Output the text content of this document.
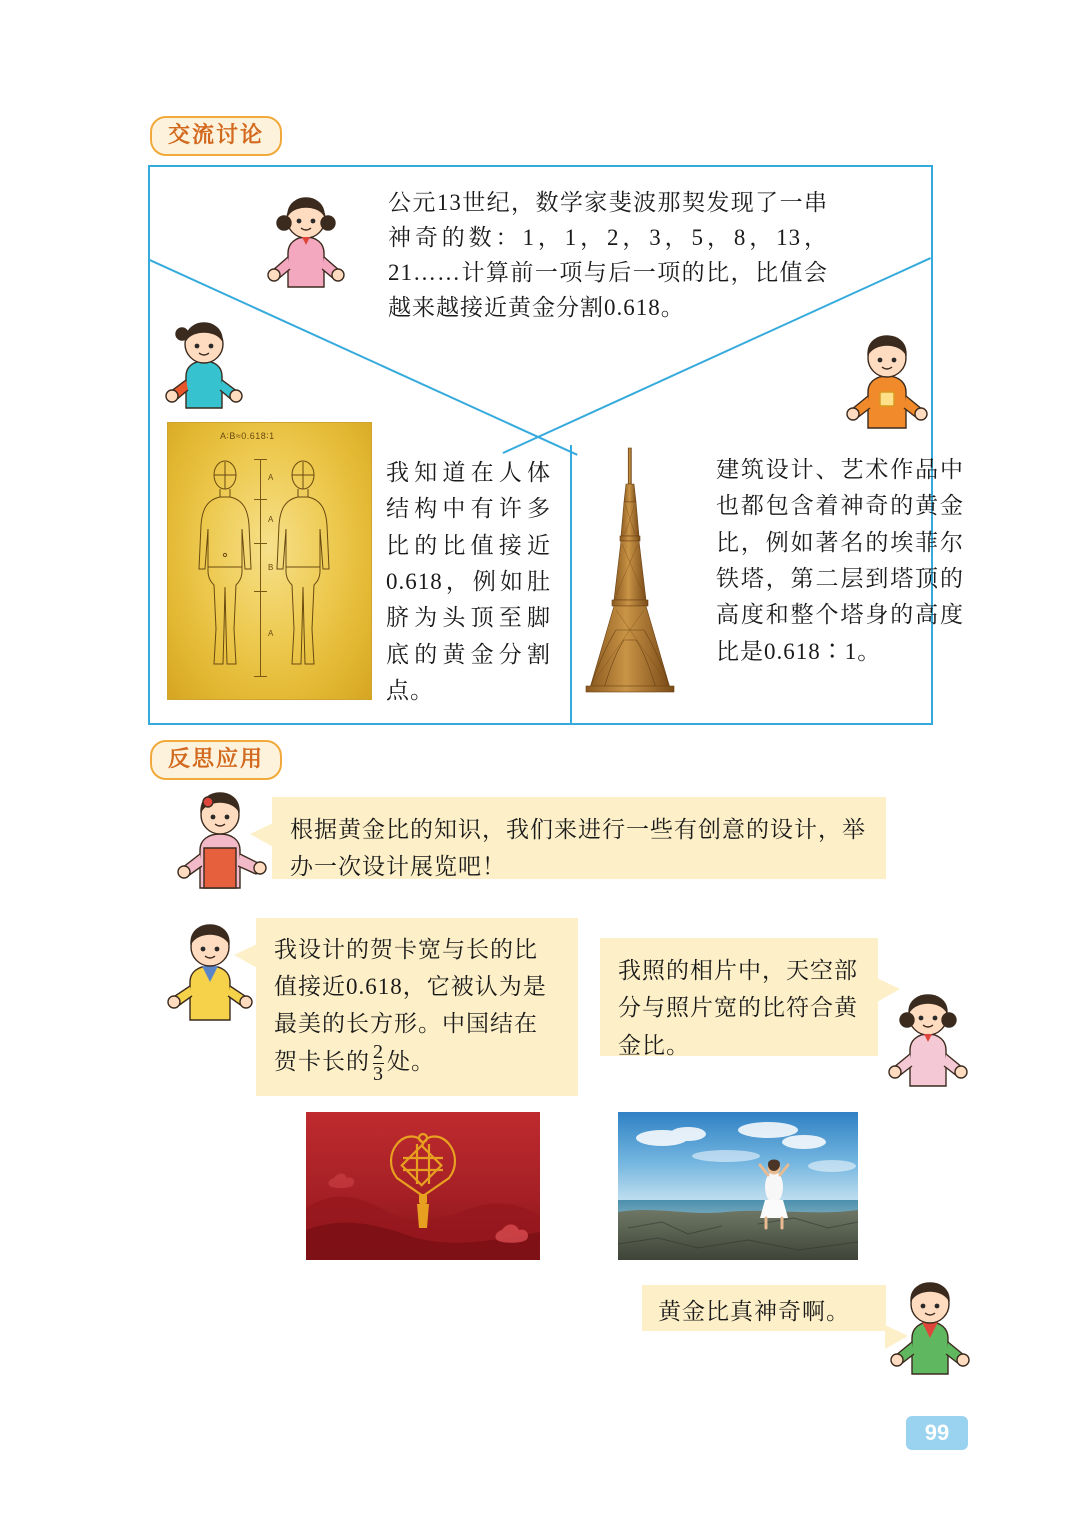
交流讨论
公元13世纪，数学家斐波那契发现了一串神奇的数：1，1，2，3，5，8，13，21……计算前一项与后一项的比，比值会越来越接近黄金分割0.618。
我知道在人体结构中有许多比的比值接近0.618，例如肚脐为头顶至脚底的黄金分割点。
建筑设计、艺术作品中也都包含着神奇的黄金比，例如著名的埃菲尔铁塔，第二层到塔顶的高度和整个塔身的高度比是0.618∶1。
A∶B≈0.618∶1
A
A
B
A
反思应用
根据黄金比的知识，我们来进行一些有创意的设计，举办一次设计展览吧！
我设计的贺卡宽与长的比值接近0.618，它被认为是最美的长方形。中国结在贺卡长的 $\frac{2}{3}$ 处。
我照的相片中，天空部分与照片宽的比符合黄金比。
黄金比真神奇啊。
99
